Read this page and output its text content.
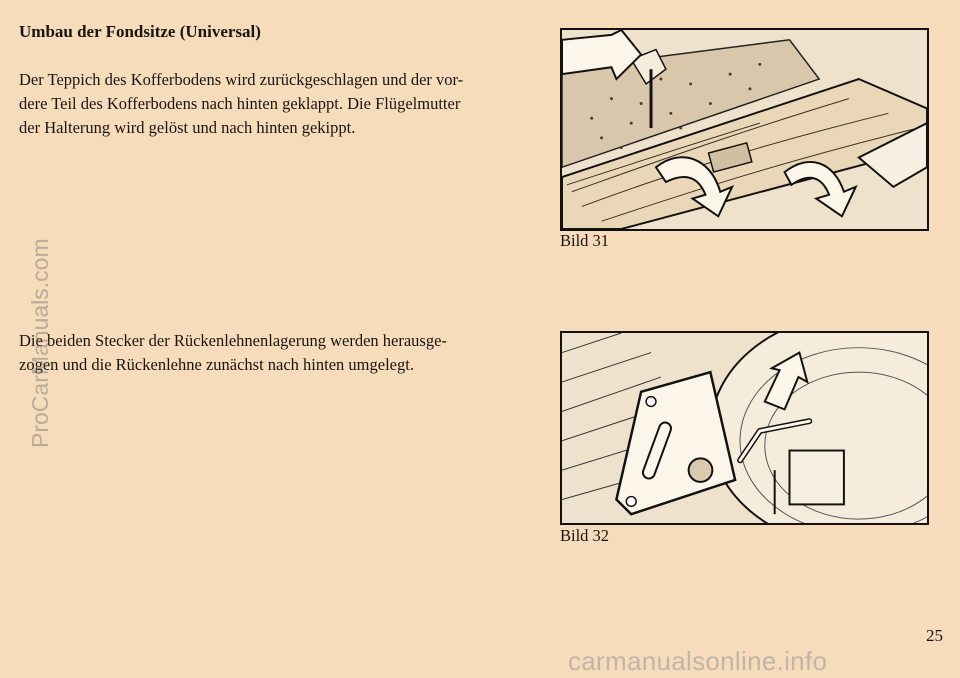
Umbau der Fondsitze (Universal)

Der Teppich des Kofferbodens wird zurückgeschlagen und der vor-
dere Teil des Kofferbodens nach hinten geklappt. Die Flügelmutter
der Halterung wird gelöst und nach hinten gekippt.

Bild 31

Die beiden Stecker der Rückenlehnenlagerung werden herausge-
zogen und die Rückenlehne zunächst nach hinten umgelegt.

Bild 32

25

ProCarManuals.com
carmanualsonline.info
